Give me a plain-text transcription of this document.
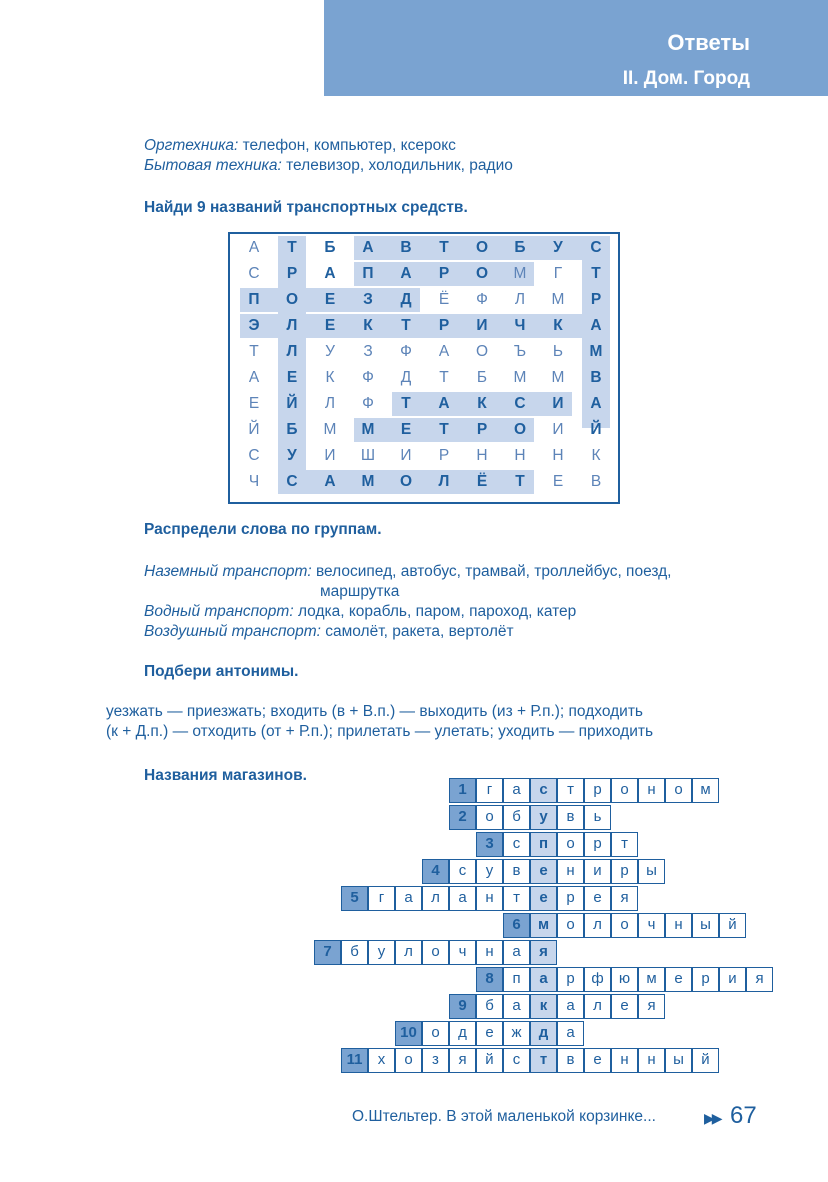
Ответы
II. Дом. Город
Оргтехника: телефон, компьютер, ксерокс
Бытовая техника: телевизор, холодильник, радио
Найди 9 названий транспортных средств.
А	Т	Б	А	В	Т	О	Б	У	С
С	Р	А	П	А	Р	О	М	Г	Т
П	О	Е	З	Д	Ё	Ф	Л	М	Р
Э	Л	Е	К	Т	Р	И	Ч	К	А
Т	Л	У	З	Ф	А	О	Ъ	Ь	М
А	Е	К	Ф	Д	Т	Б	М	М	В
Е	Й	Л	Ф	Т	А	К	С	И	А
Й	Б	М	М	Е	Т	Р	О	И	Й
С	У	И	Ш	И	Р	Н	Н	Н	К
Ч	С	А	М	О	Л	Ё	Т	Е	В
Распредели слова по группам.
Наземный транспорт: велосипед, автобус, трамвай, троллейбус, поезд,
маршрутка
Водный транспорт: лодка, корабль, паром, пароход, катер
Воздушный транспорт: самолёт, ракета, вертолёт
Подбери антонимы.
уезжать — приезжать; входить (в + В.п.) — выходить (из + Р.п.); подходить
(к + Д.п.) — отходить (от + Р.п.); прилетать — улетать; уходить — приходить
Названия магазинов.
1	г	а	с	т	р	о	н	о	м
2	о	б	у	в	ь
3	с	п	о	р	т
4	с	у	в	е	н	и	р	ы
5	г	а	л	а	н	т	е	р	е	я
6	м	о	л	о	ч	н	ы	й
7	б	у	л	о	ч	н	а	я
8	п	а	р	ф	ю	м	е	р	и	я
9	б	а	к	а	л	е	я
10 о	д	е	ж	д	а
11	х	о	з	я	й	с	т	в	е	н	н	ы	й
О.Штельтер. В этой маленькой корзинке...	▶▶ 67
